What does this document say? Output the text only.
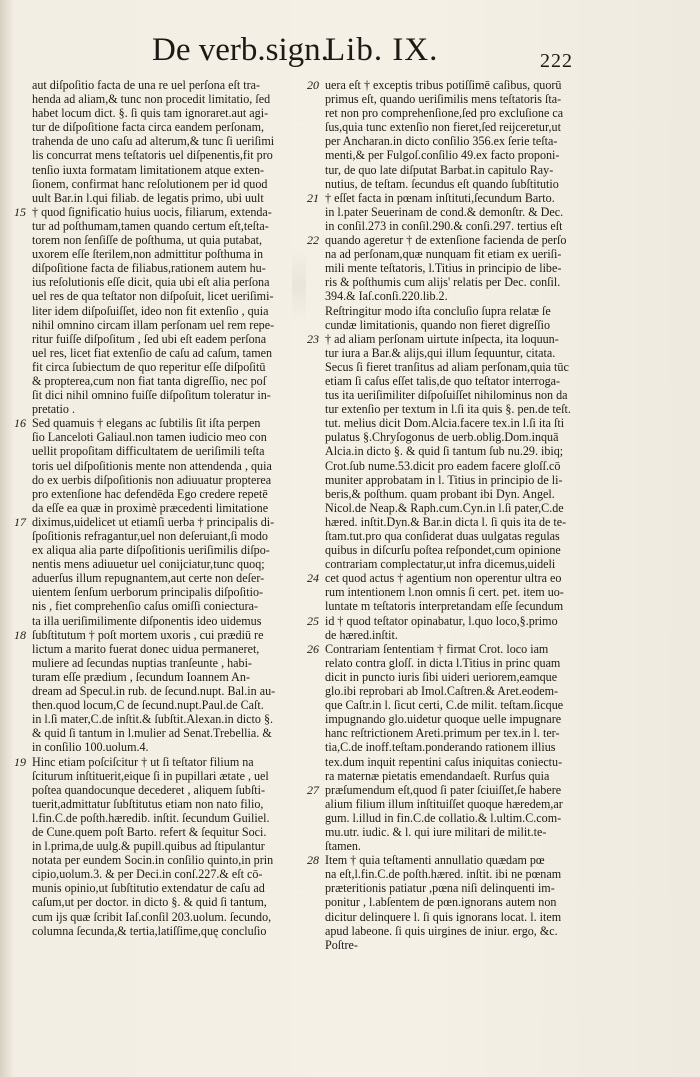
De verb.sign.
Lib. IX.	222
aut diſpoſitio facta de una re uel perſona eſt tra-
henda ad aliam,& tunc non procedit limitatio, ſed
habet locum dict. §. ſi quis tam ignoraret.aut agi-
tur de diſpoſitione facta circa eandem perſonam,
trahenda de uno caſu ad alterum,& tunc ſi ueriſimi
lis concurrat mens teſtatoris uel diſpenentis,fit pro
tenſio iuxta formatam limitationem atque exten-
ſionem, confirmat hanc reſolutionem per id quod
uult Bar.in l.qui filiab. de legatis primo, ubi uult
15 † quod ſignificatio huius uocis, filiarum, extenda-
tur ad poſthumam,tamen quando certum eſt,teſta-
torem non ſenſiſſe de poſthuma, ut quia putabat,
uxorem eſſe ſterilem,non admittitur poſthuma in
diſpoſitione facta de filiabus,rationem autem hu-
ius reſolutionis eſſe dicit, quia ubi eſt alia perſona
uel res de qua teſtator non diſpoſuit, licet ueriſimi-
liter idem diſpoſuiſſet, ideo non fit extenſio , quia
nihil omnino circam illam perſonam uel rem repe-
ritur fuiſſe diſpoſitum , ſed ubi eſt eadem perſona
uel res, licet fiat extenſio de caſu ad caſum, tamen
fit circa ſubiectum de quo reperitur eſſe diſpoſitū
& propterea,cum non fiat tanta digreſſio, nec poſ
ſit dici nihil omnino fuiſſe diſpoſitum toleratur in-
pretatio .
16 Sed quamuis † elegans ac ſubtilis ſit iſta perpen
ſio Lanceloti Galiaul.non tamen iudicio meo con
uellit propoſitam difficultatem de ueriſimili teſta
toris uel diſpoſitionis mente non attendenda , quia
do ex uerbis diſpoſitionis non adiuuatur propterea
pro extenſione hac defendēda Ego credere repetē
da eſſe ea quæ in proximè præcedenti limitatione
17 diximus,uidelicet ut etiamſi uerba † principalis di-
ſpoſitionis refragantur,uel non deſeruiant,ſi modo
ex aliqua alia parte diſpoſitionis ueriſimilis diſpo-
nentis mens adiuuetur uel conijciatur,tunc quoq;
aduerſus illum repugnantem,aut certe non deſer-
uientem ſenſum uerborum principalis diſpoſitio-
nis , fiet comprehenſio caſus omiſſi coniectura-
ta illa ueriſimilimente diſponentis ideo uidemus
18 ſubſtitutum † poſt mortem uxoris , cui prædiū re
lictum a marito fuerat donec uidua permaneret,
muliere ad ſecundas nuptias tranſeunte , habi-
turam eſſe prædium , ſecundum Ioannem An-
dream ad Specul.in rub. de ſecund.nupt. Bal.in au-
then.quod locum,C de ſecund.nupt.Paul.de Caſt.
in l.ſi mater,C.de inſtit.& ſubſtit.Alexan.in dicto §.
& quid ſi tantum in l.mulier ad Senat.Trebellia. &
in conſilio 100.uolum.4.
19 Hinc etiam poſciſcitur † ut ſi teſtator filium na
ſciturum inſtituerit,eique ſi in pupillari ætate , uel
poſtea quandocunque decederet , aliquem ſubſti-
tuerit,admittatur ſubſtitutus etiam non nato filio,
l.fin.C.de poſth.hæredib. inſtit. ſecundum Guiliel.
de Cune.quem poſt Barto. refert & ſequitur Soci.
in l.prima,de uulg.& pupill.quibus ad ſtipulantur
notata per eundem Socin.in conſilio quinto,in prin
cipio,uolum.3. & per Deci.in conſ.227.& eſt cō-
munis opinio,ut ſubſtitutio extendatur de caſu ad
caſum,ut per doctor. in dicto §. & quid ſi tantum,
cum ijs quæ ſcribit Iaſ.conſil 203.uolum. ſecundo,
columna ſecunda,& tertia,latiſſime,quę concluſio
20 uera eſt † exceptis tribus potiſſimē caſibus, quorū
primus eſt, quando ueriſimilis mens teſtatoris ſta-
ret non pro comprehenſione,ſed pro excluſione ca
ſus,quia tunc extenſio non fieret,ſed reijceretur,ut
per Ancharan.in dicto conſilio 356.ex ſerie teſta-
menti,& per Fulgoſ.conſilio 49.ex facto proponi-
tur, de quo late diſputat Barbat.in capitulo Ray-
nutius, de teſtam. ſecundus eſt quando ſubſtitutio
21 † eſſet facta in pœnam inſtituti,ſecundum Barto.
in l.pater Seuerinam de cond.& demonſtr. & Dec.
in conſil.273 in conſil.290.& conſi.297. tertius eſt
22 quando ageretur † de extenſione facienda de perſo
na ad perſonam,quæ nunquam fit etiam ex ueriſi-
mili mente teſtatoris, l.Titius in principio de libe-
ris & poſthumis cum alijs' relatis per Dec. conſil.
394.& Iaſ.conſi.220.lib.2.
Reſtringitur modo iſta concluſio ſupra relatæ ſe
cundæ limitationis, quando non fieret digreſſio
23 † ad aliam perſonam uirtute inſpecta, ita loquun-
tur iura a Bar.& alijs,qui illum ſequuntur, citata.
Secus ſi fieret tranſitus ad aliam perſonam,quia tūc
etiam ſi caſus eſſet talis,de quo teſtator interroga-
tus ita ueriſimiliter diſpoſuiſſet nihilominus non da
tur extenſio per textum in l.ſi ita quis §. pen.de teſt.
tut. melius dicit Dom.Alcia.facere tex.in l.ſi ita ſti
pulatus §.Chryſogonus de uerb.oblig.Dom.inquā
Alcia.in dicto §. & quid ſi tantum ſub nu.29. ibiq;
Crot.ſub nume.53.dicit pro eadem facere gloſſ.cō
muniter approbatam in l. Titius in principio de li-
beris,& poſthum. quam probant ibi Dyn. Angel.
Nicol.de Neap.& Raph.cum.Cyn.in l.ſi pater,C.de
hæred. inſtit.Dyn.& Bar.in dicta l. ſi quis ita de te-
ſtam.tut.pro qua conſiderat duas uulgatas regulas
quibus in diſcurſu poſtea reſpondet,cum opinione
contrariam complectatur,ut infra dicemus,uideli
24 cet quod actus † agentium non operentur ultra eo
rum intentionem l.non omnis ſi cert. pet. item uo-
luntate m teſtatoris interpretandam eſſe ſecundum
25 id † quod teſtator opinabatur, l.quo loco,§.primo
de hæred.inſtit.
26 Contrariam ſententiam † firmat Crot. loco iam
relato contra gloſſ. in dicta l.Titius in princ quam
dicit in puncto iuris ſibi uideri ueriorem,eamque
glo.ibi reprobari ab Imol.Caſtren.& Aret.eodem-
que Caſtr.in l. ſicut certi, C.de milit. teſtam.ſicque
impugnando glo.uidetur quoque uelle impugnare
hanc reſtrictionem Areti.primum per tex.in l. ter-
tia,C.de inoff.teſtam.ponderando rationem illius
tex.dum inquit repentini caſus iniquitas coniectu-
ra maternæ pietatis emendandaeſt. Rurſus quia
27 præſumendum eſt,quod ſi pater ſciuiſſet,ſe habere
alium filium illum inſtituiſſet quoque hæredem,ar
gum. l.illud in fin.C.de collatio.& l.ultim.C.com-
mu.utr. iudic. & l. qui iure militari de milit.te-
ſtamen.
28 Item † quia teſtamenti annullatio quædam pœ
na eſt,l.fin.C.de poſth.hæred. inſtit. ibi ne pœnam
præteritionis patiatur ,pœna niſi delinquenti im-
ponitur , l.abſentem de pœn.ignorans autem non
dicitur delinquere l. ſi quis ignorans locat. l. item
apud labeone. ſi quis uirgines de iniur. ergo, &c.
Poſtre-
